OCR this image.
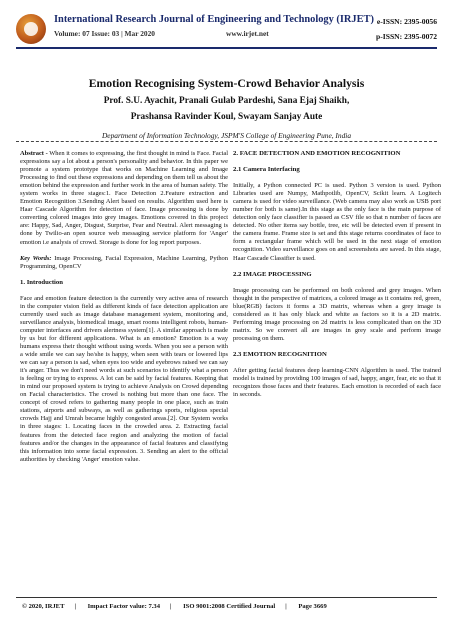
International Research Journal of Engineering and Technology (IRJET)
Volume: 07 Issue: 03 | Mar 2020	www.irjet.net
e-ISSN: 2395-0056
p-ISSN: 2395-0072
Emotion Recognising System-Crowd Behavior Analysis
Prof. S.U. Ayachit, Pranali Gulab Pardeshi, Sana Ejaj Shaikh,
Prashansa Ravinder Koul, Swayam Sanjay Aute
Department of Information Technology, JSPM'S College of Engineering Pune, India

Abstract - When it comes to expressing, the first thought in mind is Face. Facial expressions say a lot about a person's personality and behavior. In this paper we promote a system prototype that works on Machine Learning and Image Processing to find out these expressions and depending on them tell us about the emotion behind the expression and further work in the area of human safety. The system works in three stages:1. Face Detection 2.Feature extraction and Emotion Recognition 3.Sending Alert based on results. Algorithm used here is Haar Cascade Algorithm for detection of face. Image processing is done by converting colored images into grey images. Emotions covered in this project are: Happy, Sad, Anger, Disgust, Surprise, Fear and Neutral. Alert messaging is done by Twilio-an open source web messaging service platform for 'Anger' emotion i.e analysis of crowd. Storage is done for log report purposes.

Key Words: Image Processing, Facial Expression, Machine Learning, Python Programming, OpenCV

1. Introduction

Face and emotion feature detection is the currently very active area of research in the computer vision field as different kinds of face detection application are currently used such as image database management system, monitoring and, surveillance analysis, biomedical image, smart rooms intelligent robots, human-computer interfaces and drivers alertness system[1]. A similar approach is made by us but for different applications. What is an emotion? Emotion is a way humans express their thought without using words. When you see a person with a wide smile we can say he/she is happy, when seen with tears or lowered lips we can say a person is sad, when eyes too wide and eyebrows raised we can say it's anger. Thus we don't need words at such scenarios to identify what a person is feeling or trying to express. A lot can be said by facial features. Keeping that in mind our proposed system is trying to achieve Analysis on Crowd depending on Facial characteristics. The crowd is nothing but more than one face. The concept of crowd refers to gathering many people in one place, such as train stations, airports and subways, as well as gatherings sports, religious special crowds Hajj and Umrah became highly congested areas.[2]. Our System works in three stages: 1. Locating faces in the crowded area. 2. Extracting facial features from the detected face region and analyzing the motion of facial features and/or the changes in the appearance of facial features and classifying this information into some facial expression. 3. Sending an alert to the official authorities by checking 'Anger' emotion value.

2. FACE DETECTION AND EMOTION RECOGNITION
2.1 Camera Interfacing

Initially, a Python connected PC is used. Python 3 version is used. Python Libraries used are Numpy, Mathpotlib, OpenCV, Scikit learn. A Logitech camera is used for video surveillance. (Web camera may also work as USB port number for both is same).In this stage as the only face is the main purpose of detection only face classifier is passed as CSV file so that n number of faces are detected. No other items say bottle, tree, etc will be detected even if present in the camera frame. Frame size is set and this stage returns coordinates of face to form a rectangular frame which will be used in the next stage of emotion recognition. Video surveillance goes on and screenshots are saved. In this stage, Haar Cascade Classifier is used.

2.2 IMAGE PROCESSING

Image processing can be performed on both colored and grey images. When thought in the perspective of matrices, a colored image as it contains red, green, blue(RGB) factors it forms a 3D matrix, whereas when a grey image is considered as it has only black and white as factors so it is a 2D matrix. Performing image processing on 2d matrix is less complicated than on the 3D matrix. So we convert all are images in grey scale and perform image processing on them.

2.3 EMOTION RECOGNITION

After getting facial features deep learning-CNN Algorithm is used. The trained model is trained by providing 100 images of sad, happy, anger, fear, etc so that it recognizes those faces and their features. Each emotion is recorded of each face in seconds.

© 2020, IRJET | Impact Factor value: 7.34 | ISO 9001:2008 Certified Journal | Page 3669
